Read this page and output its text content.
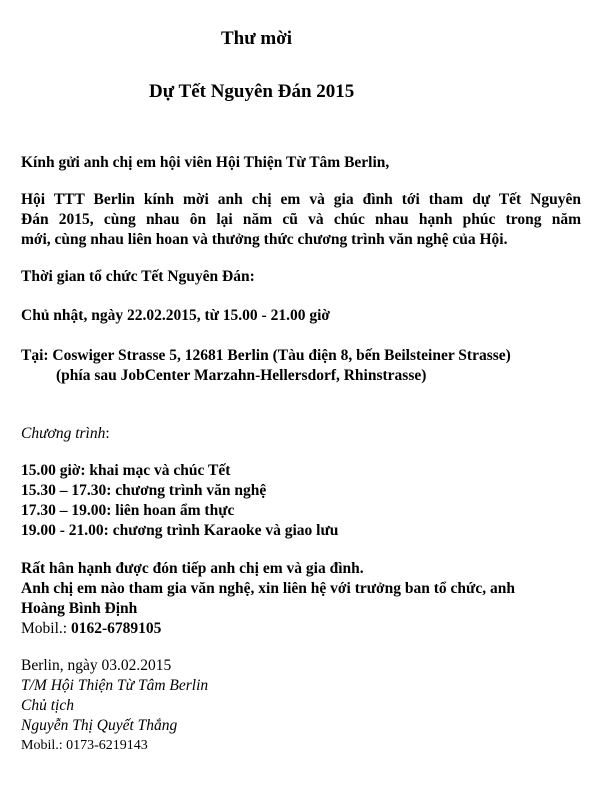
Thư mời
Dự Tết Nguyên Đán 2015
Kính gửi anh chị em hội viên Hội Thiện Từ Tâm Berlin,
Hội TTT Berlin kính mời anh chị em và gia đình tới tham dự Tết Nguyên
Đán 2015, cùng nhau ôn lại năm cũ và chúc nhau hạnh phúc trong năm
mới, cùng nhau liên hoan và thưởng thức chương trình văn nghệ của Hội.
Thời gian tổ chức Tết Nguyên Đán:
Chủ nhật, ngày 22.02.2015, từ 15.00 - 21.00 giờ
Tại: Coswiger Strasse 5, 12681 Berlin (Tàu điện 8, bến Beilsteiner Strasse)
(phía sau JobCenter Marzahn-Hellersdorf, Rhinstrasse)
Chương trình:
15.00 giờ: khai mạc và chúc Tết
15.30 – 17.30: chương trình văn nghệ
17.30 – 19.00: liên hoan ẩm thực
19.00 - 21.00: chương trình Karaoke và giao lưu
Rất hân hạnh được đón tiếp anh chị em và gia đình.
Anh chị em nào tham gia văn nghệ, xin liên hệ với trưởng ban tổ chức, anh
Hoàng Bình Định
Mobil.: 0162-6789105
Berlin, ngày 03.02.2015
T/M Hội Thiện Từ Tâm Berlin
Chủ tịch
Nguyễn Thị Quyết Thắng
Mobil.: 0173-6219143
